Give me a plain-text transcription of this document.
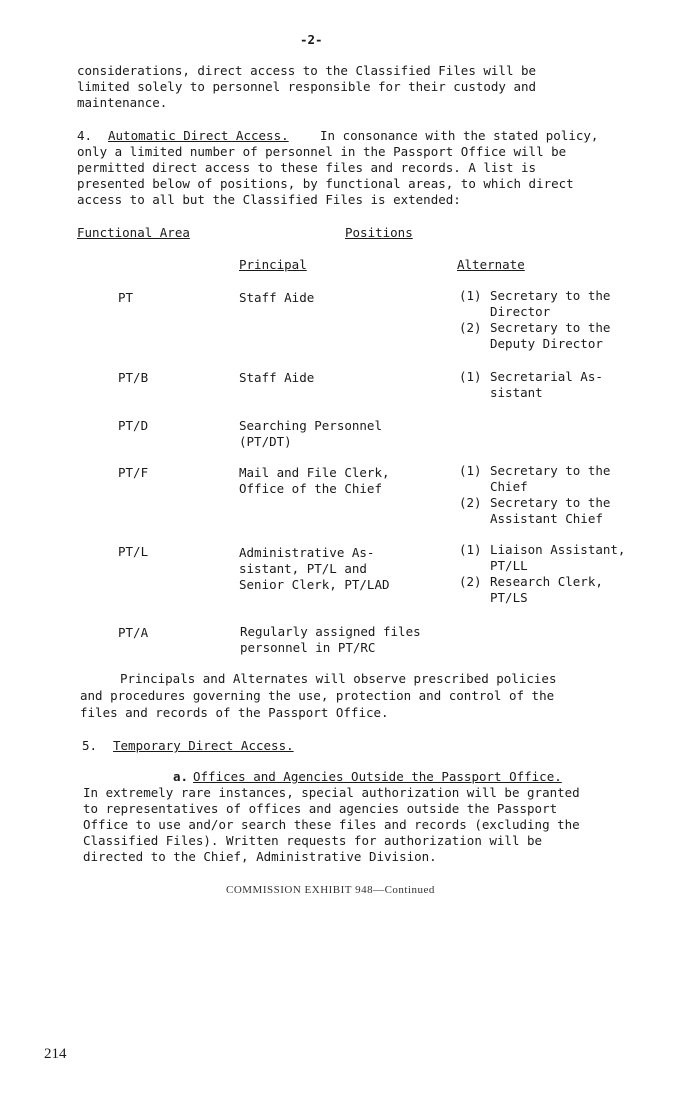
-2-
considerations, direct access to the Classified Files will be
limited solely to personnel responsible for their custody and
maintenance.
4. Automatic Direct Access.	In consonance with the stated policy,
only a limited number of personnel in the Passport Office will be
permitted direct access to these files and records. A list is
presented below of positions, by functional areas, to which direct
access to all but the Classified Files is extended:
Functional Area	Positions
Principal	Alternate
PT	Staff Aide	(1) Secretary to the
Director
(2) Secretary to the
Deputy Director
PT/B	Staff Aide	(1) Secretarial As-
sistant
PT/D	Searching Personnel
(PT/DT)
PT/F	Mail and File Clerk,
Office of the Chief
(1) Secretary to the
Chief
(2) Secretary to the
Assistant Chief
PT/L	Administrative As-
sistant, PT/L and
Senior Clerk, PT/LAD
(1) Liaison Assistant,
PT/LL
(2) Research Clerk,
PT/LS
PT/A	Regularly assigned files
personnel in PT/RC
Principals and Alternates will observe prescribed policies
and procedures governing the use, protection and control of the
files and records of the Passport Office.
5. Temporary Direct Access.
a. Offices and Agencies Outside the Passport Office.
In extremely rare instances, special authorization will be granted
to representatives of offices and agencies outside the Passport
Office to use and/or search these files and records (excluding the
Classified Files). Written requests for authorization will be
directed to the Chief, Administrative Division.
COMMISSION EXHIBIT 948—Continued
214
